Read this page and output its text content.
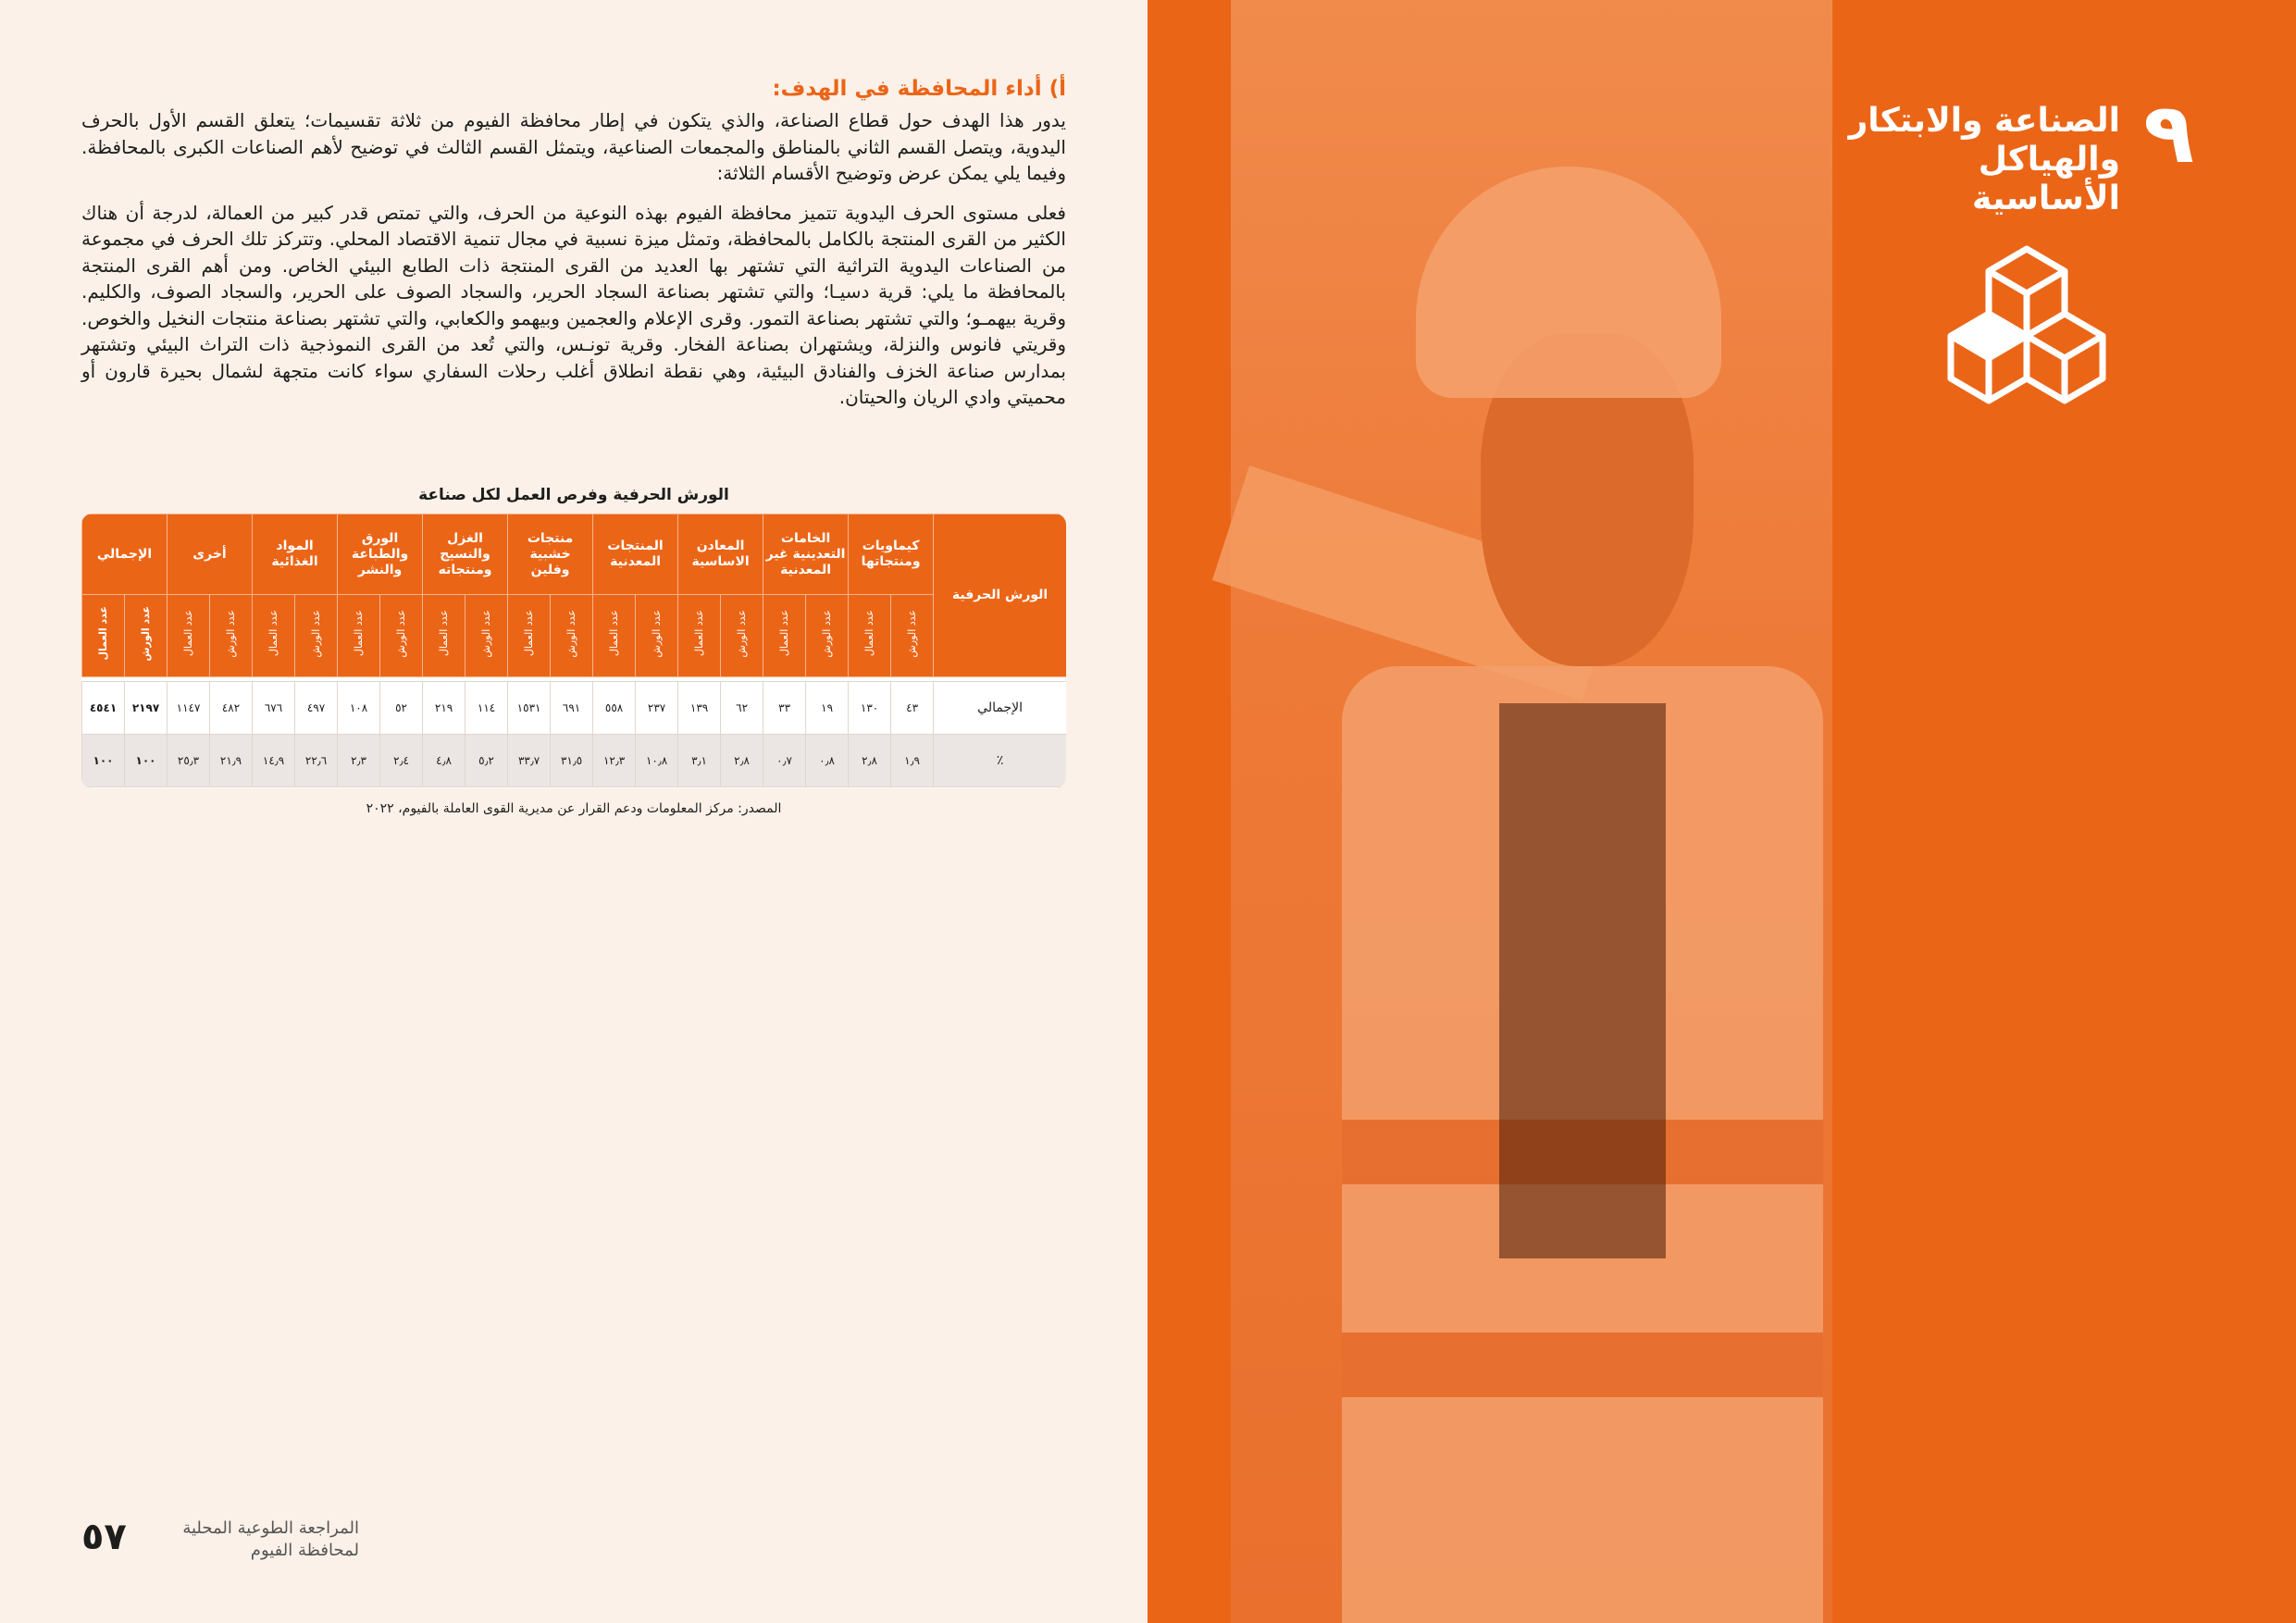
أ) أداء المحافظة في الهدف:

يدور هذا الهدف حول قطاع الصناعة، والذي يتكون في إطار محافظة الفيوم من ثلاثة تقسيمات؛ يتعلق القسم الأول بالحرف اليدوية، ويتصل القسم الثاني بالمناطق والمجمعات الصناعية، ويتمثل القسم الثالث في توضيح لأهم الصناعات الكبرى بالمحافظة. وفيما يلي يمكن عرض وتوضيح الأقسام الثلاثة:

فعلى مستوى الحرف اليدوية تتميز محافظة الفيوم بهذه النوعية من الحرف، والتي تمتص قدر كبير من العمالة، لدرجة أن هناك الكثير من القرى المنتجة بالكامل بالمحافظة، وتمثل ميزة نسبية في مجال تنمية الاقتصاد المحلي. وتتركز تلك الحرف في مجموعة من الصناعات اليدوية التراثية التي تشتهر بها العديد من القرى المنتجة ذات الطابع البيئي الخاص. ومن أهم القرى المنتجة بالمحافظة ما يلي: قرية دسيـا؛ والتي تشتهر بصناعة السجاد الحرير، والسجاد الصوف على الحرير، والسجاد الصوف، والكليم. وقرية بيهمـو؛ والتي تشتهر بصناعة التمور. وقرى الإعلام والعجمين وبيهمو والكعابي، والتي تشتهر بصناعة منتجات النخيل والخوص. وقريتي فانوس والنزلة، ويشتهران بصناعة الفخار. وقرية تونـس، والتي تُعد من القرى النموذجية ذات التراث البيئي وتشتهر بمدارس صناعة الخزف والفنادق البيئية، وهي نقطة انطلاق أغلب رحلات السفاري سواء كانت متجهة لشمال بحيرة قارون أو محميتي وادي الريان والحيتان.

الورش الحرفية وفرص العمل لكل صناعة
الورش الحرفية	كيماويات ومنتجاتها		الخامات التعدينية غير المعدنية		المعادن الاساسية		المنتجات المعدنية		منتجات خشبية وفلين		الغزل والنسيج ومنتجاته		الورق والطباعة والنشر		المواد الغذائية		أخرى		الإجمالي	
	عدد الورش	عدد العمال	عدد الورش	عدد العمال	عدد الورش	عدد العمال	عدد الورش	عدد العمال	عدد الورش	عدد العمال	عدد الورش	عدد العمال	عدد الورش	عدد العمال	عدد الورش	عدد العمال	عدد الورش	عدد العمال	عدد الورش	عدد العمال

الإجمالي	٤٣	١٣٠	١٩	٣٣	٦٢	١٣٩	٢٣٧	٥٥٨	٦٩١	١٥٣١	١١٤	٢١٩	٥٢	١٠٨	٤٩٧	٦٧٦	٤٨٢	١١٤٧	٢١٩٧	٤٥٤١
٪	١٫٩	٢٫٨	٠٫٨	٠٫٧	٢٫٨	٣٫١	١٠٫٨	١٢٫٣	٣١٫٥	٣٣٫٧	٥٫٢	٤٫٨	٢٫٤	٢٫٣	٢٢٫٦	١٤٫٩	٢١٫٩	٢٥٫٣	١٠٠	١٠٠
المصدر: مركز المعلومات ودعم القرار عن مديرية القوى العاملة بالفيوم، ٢٠٢٢
٥٧	المراجعة الطوعية المحلية
لمحافظة الفيوم
٩
الصناعة والابتكار والهياكل الأساسية
